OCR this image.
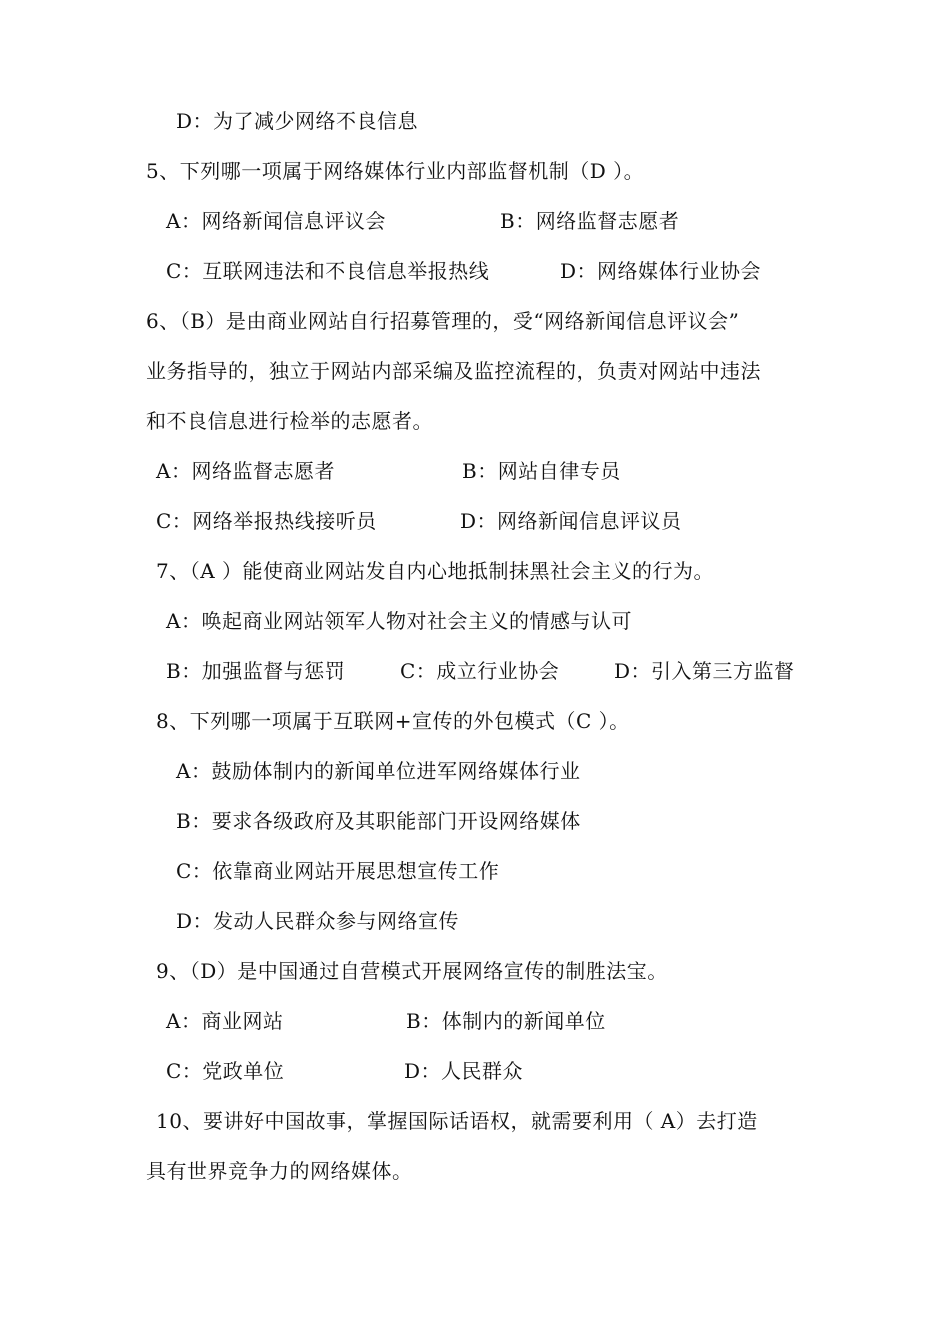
D：为了减少网络不良信息
5、下列哪一项属于网络媒体行业内部监督机制（D ）。
A：网络新闻信息评议会	B：网络监督志愿者
C：互联网违法和不良信息举报热线	D：网络媒体行业协会
6、（B）是由商业网站自行招募管理的，受“网络新闻信息评议会”
业务指导的，独立于网站内部采编及监控流程的，负责对网站中违法
和不良信息进行检举的志愿者。
A：网络监督志愿者	B：网站自律专员
C：网络举报热线接听员	D：网络新闻信息评议员
7、（A ）能使商业网站发自内心地抵制抹黑社会主义的行为。
A：唤起商业网站领军人物对社会主义的情感与认可
B：加强监督与惩罚	C：成立行业协会	D：引入第三方监督
8、下列哪一项属于互联网+宣传的外包模式（C ）。
A：鼓励体制内的新闻单位进军网络媒体行业
B：要求各级政府及其职能部门开设网络媒体
C：依靠商业网站开展思想宣传工作
D：发动人民群众参与网络宣传
9、（D）是中国通过自营模式开展网络宣传的制胜法宝。
A：商业网站	B：体制内的新闻单位
C：党政单位	D：人民群众
10、要讲好中国故事，掌握国际话语权，就需要利用（ A）去打造
具有世界竞争力的网络媒体。
